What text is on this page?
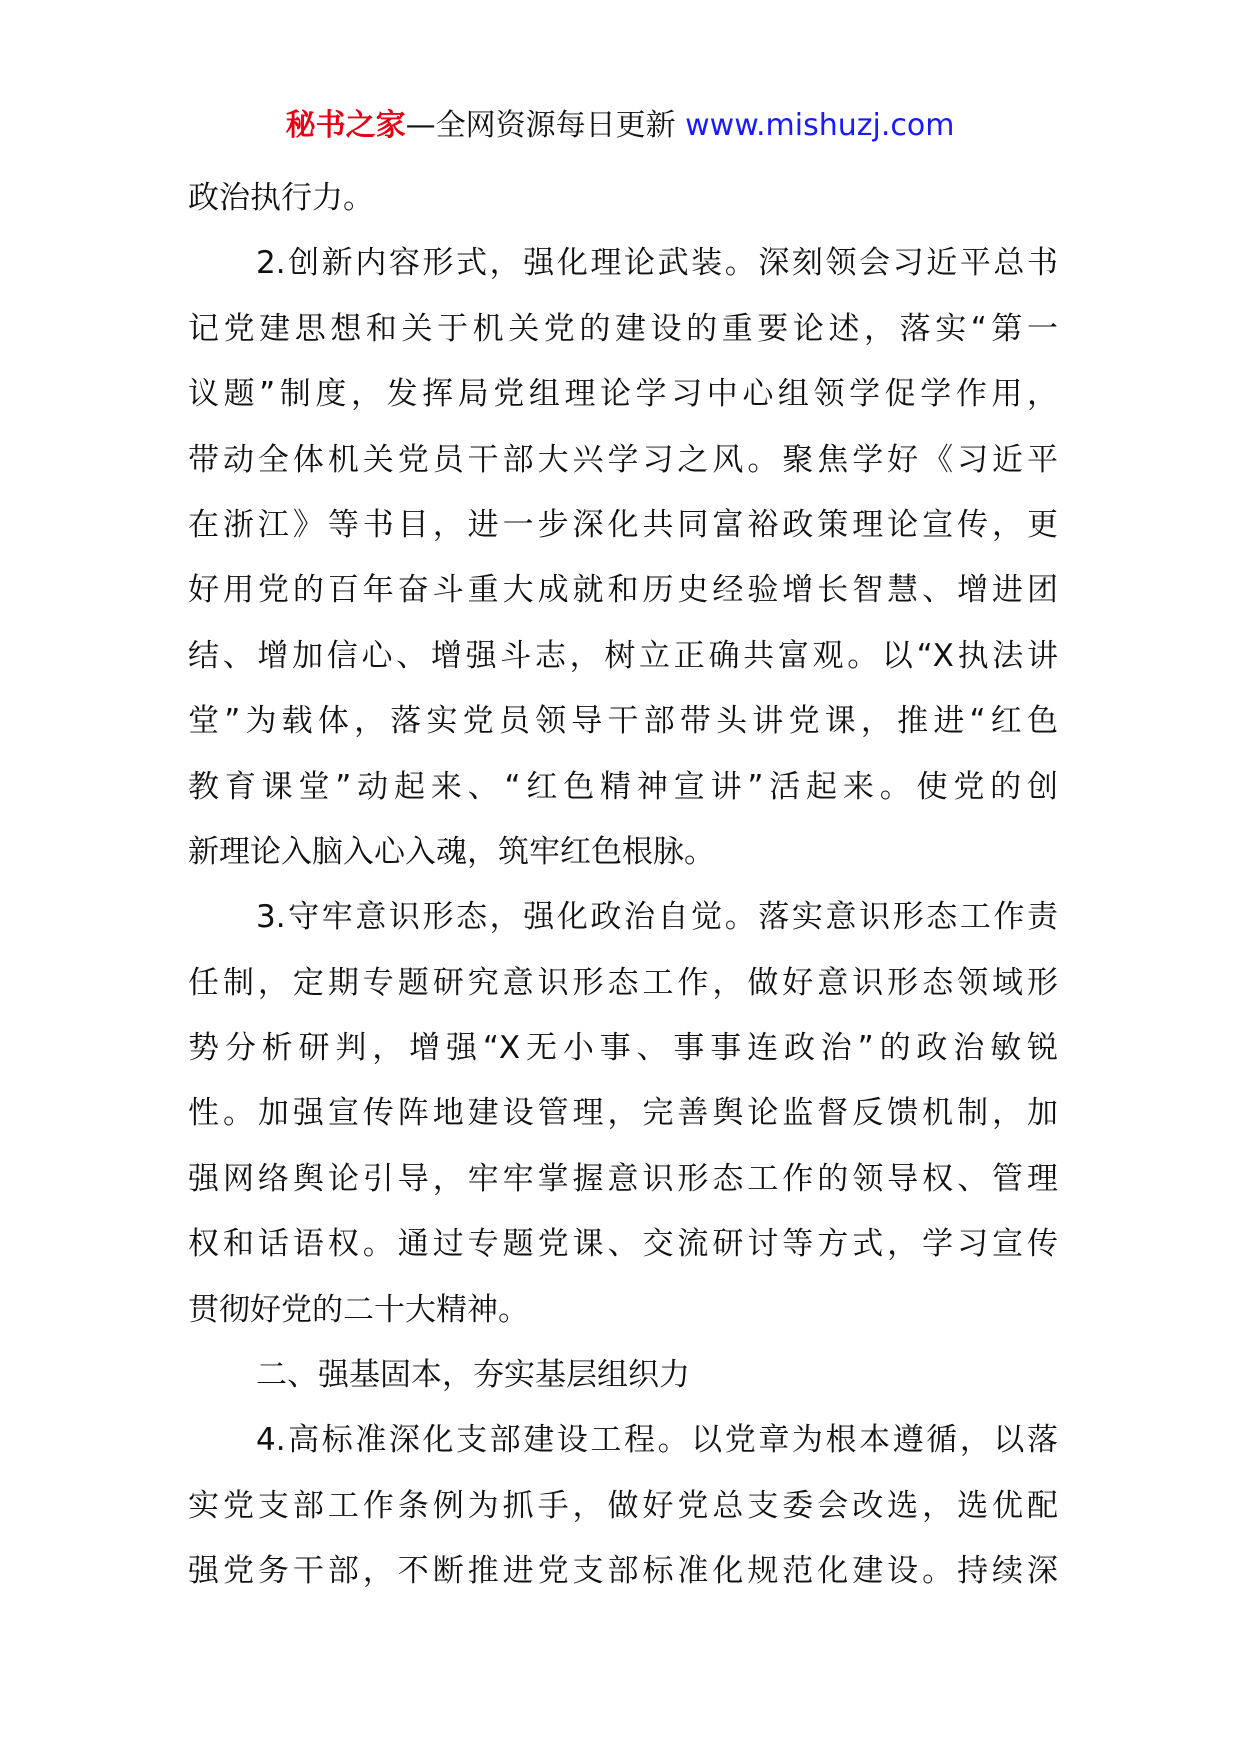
秘书之家—全网资源每日更新 www.mishuzj.com
政治执行力。
2.创新内容形式，强化理论武装。深刻领会习近平总书
记党建思想和关于机关党的建设的重要论述，落实“第一
议题”制度，发挥局党组理论学习中心组领学促学作用，
带动全体机关党员干部大兴学习之风。聚焦学好《习近平
在浙江》等书目，进一步深化共同富裕政策理论宣传，更
好用党的百年奋斗重大成就和历史经验增长智慧、增进团
结、增加信心、增强斗志，树立正确共富观。以“X执法讲
堂”为载体，落实党员领导干部带头讲党课，推进“红色
教育课堂”动起来、“红色精神宣讲”活起来。使党的创
新理论入脑入心入魂，筑牢红色根脉。
3.守牢意识形态，强化政治自觉。落实意识形态工作责
任制，定期专题研究意识形态工作，做好意识形态领域形
势分析研判，增强“X无小事、事事连政治”的政治敏锐
性。加强宣传阵地建设管理，完善舆论监督反馈机制，加
强网络舆论引导，牢牢掌握意识形态工作的领导权、管理
权和话语权。通过专题党课、交流研讨等方式，学习宣传
贯彻好党的二十大精神。
二、强基固本，夯实基层组织力
4.高标准深化支部建设工程。以党章为根本遵循，以落
实党支部工作条例为抓手，做好党总支委会改选，选优配
强党务干部，不断推进党支部标准化规范化建设。持续深
